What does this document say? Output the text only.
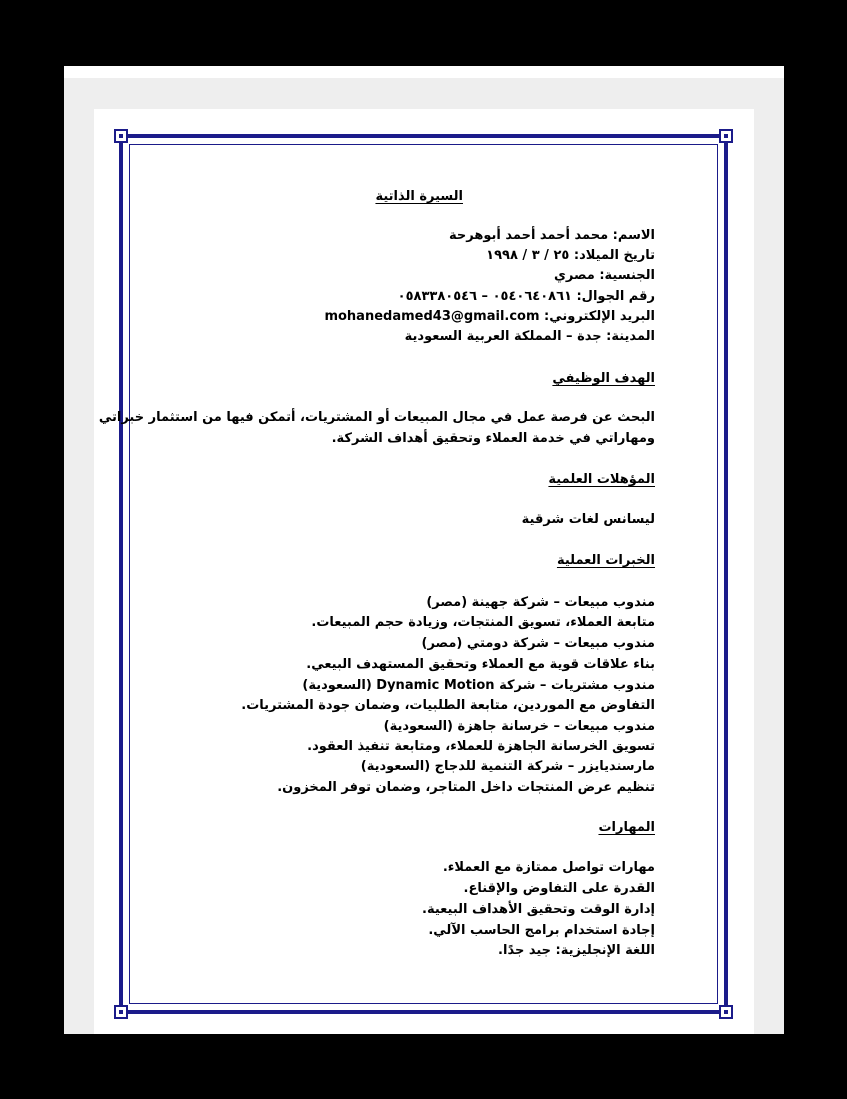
السيرة الذاتية
الاسم: محمد أحمد أحمد أبوهرحة
تاريخ الميلاد: ٢٥ / ٣ / ١٩٩٨
الجنسية: مصري
رقم الجوال: ٠٥٤٠٦٤٠٨٦١ – ٠٥٨٣٣٨٠٥٤٦
البريد الإلكتروني: mohanedamed43@gmail.com
المدينة: جدة – المملكة العربية السعودية
الهدف الوظيفي
البحث عن فرصة عمل في مجال المبيعات أو المشتريات، أتمكن فيها من استثمار خبراتي
ومهاراتي في خدمة العملاء وتحقيق أهداف الشركة.
المؤهلات العلمية
ليسانس لغات شرقية
الخبرات العملية
مندوب مبيعات – شركة جهينة (مصر)
متابعة العملاء، تسويق المنتجات، وزيادة حجم المبيعات.
مندوب مبيعات – شركة دومتي (مصر)
بناء علاقات قوية مع العملاء وتحقيق المستهدف البيعي.
مندوب مشتريات – شركة Dynamic Motion (السعودية)
التفاوض مع الموردين، متابعة الطلبيات، وضمان جودة المشتريات.
مندوب مبيعات – خرسانة جاهزة (السعودية)
تسويق الخرسانة الجاهزة للعملاء، ومتابعة تنفيذ العقود.
مارسنديايزر – شركة التنمية للدجاج (السعودية)
تنظيم عرض المنتجات داخل المتاجر، وضمان توفر المخزون.
المهارات
مهارات تواصل ممتازة مع العملاء.
القدرة على التفاوض والإقناع.
إدارة الوقت وتحقيق الأهداف البيعية.
إجادة استخدام برامج الحاسب الآلي.
اللغة الإنجليزية: جيد جدًا.
